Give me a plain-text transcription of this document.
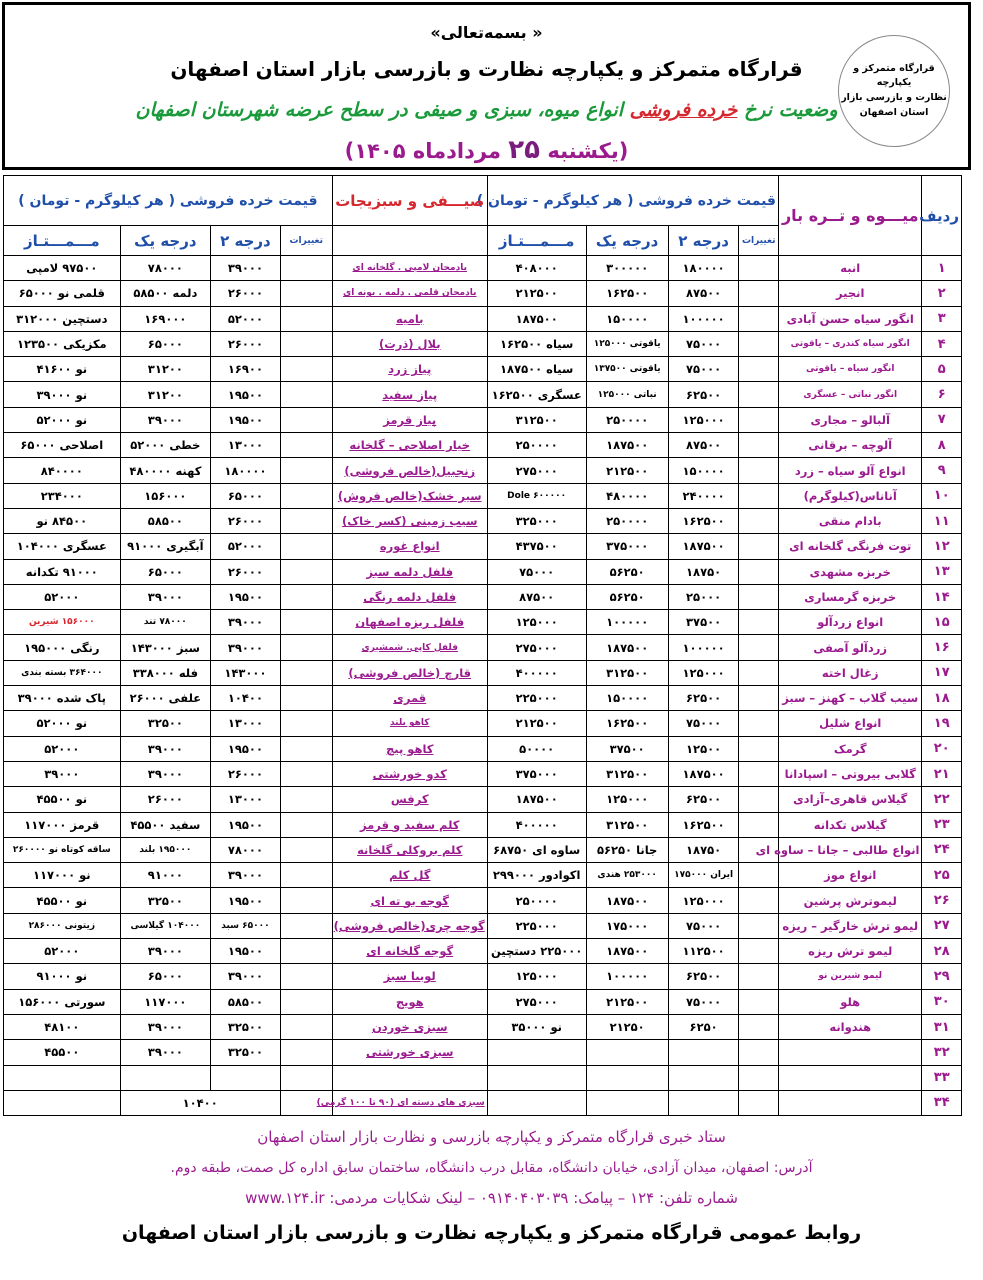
قرارگاه متمرکز و یکپارچه
نظارت و بازرسی بازار
استان اصفهان
« بسمه‌تعالی»
قرارگاه متمرکز و یکپارچه نظارت و بازرسی بازار استان اصفهان
وضعیت نرخ خرده فروشی انواع میوه، سبزی و صیفی در سطح عرضه شهرستان اصفهان
(یکشنبه ۲۵ مردادماه ۱۴۰۵)
ردیف	میـــوه و تــره بار	قیمت خرده فروشی ( هر کیلوگرم - تومان )				صیـــفی و سبزیجات	قیمت خرده فروشی ( هر کیلوگرم - تومان )			
		تغییرات	درجه ۲	درجه یک	مـــمـــتـاز		تغییرات	درجه ۲	درجه یک	مـــمـــتـاز
۱	انبه		۱۸۰۰۰۰	۳۰۰۰۰۰	۴۰۸۰۰۰	بادمجان لامپی . گلخانه ای		۳۹۰۰۰	۷۸۰۰۰	۹۷۵۰۰ لامپی
۲	انجیر		۸۷۵۰۰	۱۶۲۵۰۰	۲۱۲۵۰۰	بادمجان قلمی . دلمه . یونه ای		۲۶۰۰۰	دلمه ۵۸۵۰۰	قلمی نو ۶۵۰۰۰
۳	انگور سیاه حسن آبادی		۱۰۰۰۰۰	۱۵۰۰۰۰	۱۸۷۵۰۰	بامیه		۵۲۰۰۰	۱۶۹۰۰۰	دستچین ۳۱۲۰۰۰
۴	انگور سیاه کندری – یاقوتی		۷۵۰۰۰	یاقوتی ۱۲۵۰۰۰	سیاه ۱۶۲۵۰۰	بلال (ذرت)		۲۶۰۰۰	۶۵۰۰۰	مکزیکی ۱۲۳۵۰۰
۵	انگور سیاه – یاقوتی		۷۵۰۰۰	یاقوتی ۱۳۷۵۰۰	سیاه ۱۸۷۵۰۰	پیاز زرد		۱۶۹۰۰	۳۱۲۰۰	نو ۴۱۶۰۰
۶	انگور نباتی – عسگری		۶۲۵۰۰	نباتی ۱۲۵۰۰۰	عسگری ۱۶۲۵۰۰	پیاز سفید		۱۹۵۰۰	۳۱۲۰۰	نو ۳۹۰۰۰
۷	آلبالو – مجاری		۱۲۵۰۰۰	۲۵۰۰۰۰	۳۱۲۵۰۰	پیاز قرمز		۱۹۵۰۰	۳۹۰۰۰	نو ۵۲۰۰۰
۸	آلوچه – برقانی		۸۷۵۰۰	۱۸۷۵۰۰	۲۵۰۰۰۰	خیار اصلاحی – گلخانه		۱۳۰۰۰	خطی ۵۲۰۰۰	اصلاحی ۶۵۰۰۰
۹	انواع آلو سیاه – زرد		۱۵۰۰۰۰	۲۱۲۵۰۰	۲۷۵۰۰۰	زنجبیل(خالص فروشی)		۱۸۰۰۰۰	کهنه ۴۸۰۰۰۰	۸۴۰۰۰۰
۱۰	آناناس(کیلوگرم)		۲۴۰۰۰۰	۴۸۰۰۰۰	۶۰۰۰۰۰ Dole	سیر خشک(خالص فروش)		۶۵۰۰۰	۱۵۶۰۰۰	۲۳۴۰۰۰
۱۱	بادام منقی		۱۶۲۵۰۰	۲۵۰۰۰۰	۳۲۵۰۰۰	سیب زمینی (کسر خاک)		۲۶۰۰۰	۵۸۵۰۰	۸۴۵۰۰ نو
۱۲	توت فرنگی گلخانه ای		۱۸۷۵۰۰	۳۷۵۰۰۰	۴۳۷۵۰۰	انواع غوره		۵۲۰۰۰	آبگیری ۹۱۰۰۰	عسگری ۱۰۴۰۰۰
۱۳	خربزه مشهدی		۱۸۷۵۰	۵۶۲۵۰	۷۵۰۰۰	فلفل دلمه سبز		۲۶۰۰۰	۶۵۰۰۰	۹۱۰۰۰ تکدانه
۱۴	خربزه گرمساری		۲۵۰۰۰	۵۶۲۵۰	۸۷۵۰۰	فلفل دلمه رنگی		۱۹۵۰۰	۳۹۰۰۰	۵۲۰۰۰
۱۵	انواع زردآلو		۳۷۵۰۰	۱۰۰۰۰۰	۱۲۵۰۰۰	فلفل ریزه اصفهان		۳۹۰۰۰	۷۸۰۰۰ تند	۱۵۶۰۰۰ شیرین
۱۶	زردآلو آصفی		۱۰۰۰۰۰	۱۸۷۵۰۰	۲۷۵۰۰۰	فلفل کاپی. شمشیری		۳۹۰۰۰	سبز ۱۴۳۰۰۰	رنگی ۱۹۵۰۰۰
۱۷	زغال اخته		۱۲۵۰۰۰	۳۱۲۵۰۰	۴۰۰۰۰۰	قارچ (خالص فروشی)		۱۴۳۰۰۰	فله ۳۳۸۰۰۰	۳۶۴۰۰۰ بسته بندی
۱۸	سیب گلاب – کهنز – سبز		۶۲۵۰۰	۱۵۰۰۰۰	۲۲۵۰۰۰	قمری		۱۰۴۰۰	علفی ۲۶۰۰۰	پاک شده ۳۹۰۰۰
۱۹	انواع شلیل		۷۵۰۰۰	۱۶۲۵۰۰	۲۱۲۵۰۰	کاهو بلند		۱۳۰۰۰	۳۲۵۰۰	نو ۵۲۰۰۰
۲۰	گرمک		۱۲۵۰۰	۳۷۵۰۰	۵۰۰۰۰	کاهو پیچ		۱۹۵۰۰	۳۹۰۰۰	۵۲۰۰۰
۲۱	گلابی بیروتی – اسپادانا		۱۸۷۵۰۰	۳۱۲۵۰۰	۳۷۵۰۰۰	کدو خورشتی		۲۶۰۰۰	۳۹۰۰۰	۳۹۰۰۰
۲۲	گیلاس قاهری–آزادی		۶۲۵۰۰	۱۲۵۰۰۰	۱۸۷۵۰۰	کرفس		۱۳۰۰۰	۲۶۰۰۰	نو ۴۵۵۰۰
۲۳	گیلاس تکدانه		۱۶۲۵۰۰	۳۱۲۵۰۰	۴۰۰۰۰۰	کلم سفید و قرمز		۱۹۵۰۰	سفید ۴۵۵۰۰	قرمز ۱۱۷۰۰۰
۲۴	انواع طالبی – جانا – ساوه ای		۱۸۷۵۰	جانا ۵۶۲۵۰	ساوه ای ۶۸۷۵۰	کلم بروکلی گلخانه		۷۸۰۰۰	۱۹۵۰۰۰ بلند	ساقه کوتاه نو ۲۶۰۰۰۰
۲۵	انواع موز		ایران ۱۷۵۰۰۰	۲۵۳۰۰۰ هندی	اکوادور ۲۹۹۰۰۰	گل کلم		۳۹۰۰۰	۹۱۰۰۰	نو ۱۱۷۰۰۰
۲۶	لیموترش پرشین		۱۲۵۰۰۰	۱۸۷۵۰۰	۲۵۰۰۰۰	گوجه بو ته ای		۱۹۵۰۰	۳۲۵۰۰	نو ۴۵۵۰۰
۲۷	لیمو ترش خارگیر – ریزه		۷۵۰۰۰	۱۷۵۰۰۰	۲۲۵۰۰۰	گوجه چری(خالص فروشی)		۶۵۰۰۰ سبد	۱۰۴۰۰۰ گیلاسی	زیتونی ۲۸۶۰۰۰
۲۸	لیمو ترش ریزه		۱۱۲۵۰۰	۱۸۷۵۰۰	۲۲۵۰۰۰ دستچین	گوجه گلخانه ای		۱۹۵۰۰	۳۹۰۰۰	۵۲۰۰۰
۲۹	لیمو شیرین نو		۶۲۵۰۰	۱۰۰۰۰۰	۱۲۵۰۰۰	لوبیا سبز		۳۹۰۰۰	۶۵۰۰۰	نو ۹۱۰۰۰
۳۰	هلو		۷۵۰۰۰	۲۱۲۵۰۰	۲۷۵۰۰۰	هویج		۵۸۵۰۰	۱۱۷۰۰۰	سورتی ۱۵۶۰۰۰
۳۱	هندوانه		۶۲۵۰	۲۱۲۵۰	نو ۳۵۰۰۰	سبزی خوردن		۳۲۵۰۰	۳۹۰۰۰	۴۸۱۰۰
۳۲						سبزی خورشتی		۳۲۵۰۰	۳۹۰۰۰	۴۵۵۰۰
۳۳										
۳۴						سبزی های دسته ای (۹۰ تا ۱۰۰ گرمی)		۱۰۴۰۰		
ستاد خبری قرارگاه متمرکز و یکپارچه بازرسی و نظارت بازار استان اصفهان
آدرس: اصفهان، میدان آزادی، خیابان دانشگاه، مقابل درب دانشگاه، ساختمان سابق اداره کل صمت، طبقه دوم.
شماره تلفن: ۱۲۴ – پیامک: ۰۹۱۴۰۴۰۳۰۳۹ – لینک شکایات مردمی: www.۱۲۴.ir
روابط عمومی قرارگاه متمرکز و یکپارچه نظارت و بازرسی بازار استان اصفهان
